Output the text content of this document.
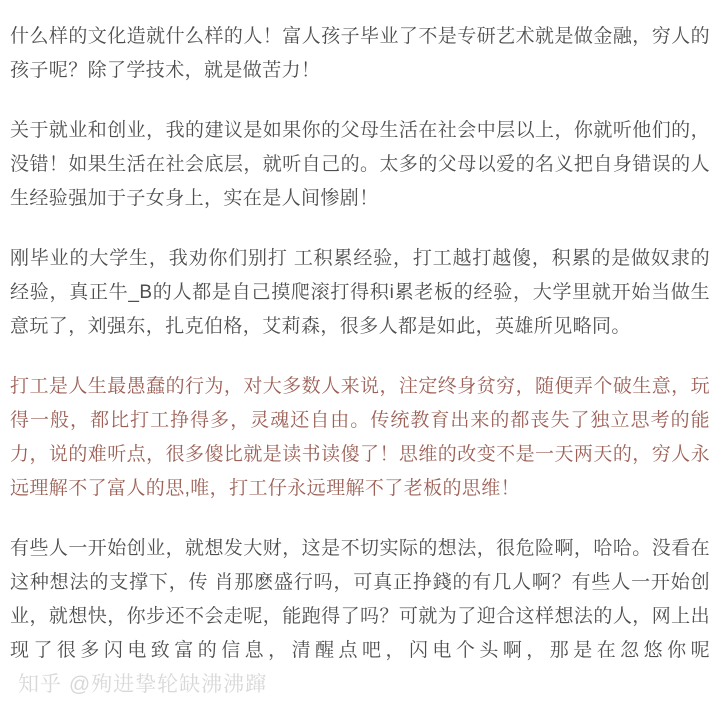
什么样的文化造就什么样的人！富人孩子毕业了不是专研艺术就是做金融，穷人的孩子呢？除了学技术，就是做苦力！

关于就业和创业，我的建议是如果你的父母生活在社会中层以上，你就听他们的，没错！如果生活在社会底层，就听自己的。太多的父母以爱的名义把自身错误的人生经验强加于子女身上，实在是人间惨剧！

刚毕业的大学生，我劝你们别打 工积累经验，打工越打越傻，积累的是做奴隶的经验，真正牛_B的人都是自己摸爬滚打得积i累老板的经验，大学里就开始当做生意玩了，刘强东，扎克伯格，艾莉森，很多人都是如此，英雄所见略同。

打工是人生最愚蠢的行为，对大多数人来说，注定终身贫穷，随便弄个破生意，玩得一般，都比打工挣得多，灵魂还自由。传统教育出来的都丧失了独立思考的能力，说的难听点，很多傻比就是读书读傻了！思维的改变不是一天两天的，穷人永远理解不了富人的思,唯，打工仔永远理解不了老板的思维！

有些人一开始创业，就想发大财，这是不切实际的想法，很危险啊，哈哈。没看在这种想法的支撑下，传 肖那麽盛行吗，可真正挣錢的有几人啊？有些人一开始创业，就想快，你步还不会走呢，能跑得了吗？可就为了迎合这样想法的人，网上出现了很多闪电致富的信息，清醒点吧，闪电个头啊，那是在忽悠你呢 知乎 @殉进挚轮缺沸沸蹿
